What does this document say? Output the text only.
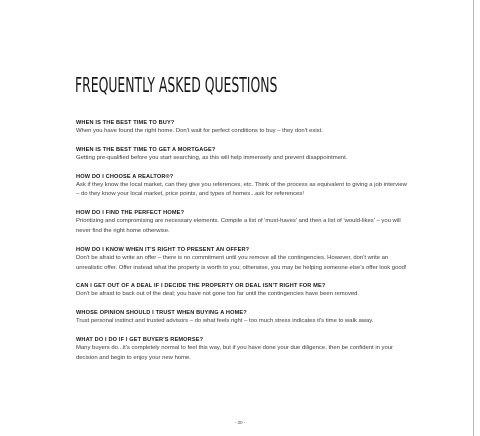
FREQUENTLY ASKED QUESTIONS

WHEN IS THE BEST TIME TO BUY?

When you have found the right home. Don't wait for perfect conditions to buy – they don't exist.

WHEN IS THE BEST TIME TO GET A MORTGAGE?

Getting pre-qualified before you start searching, as this will help immensely and prevent disappointment.

HOW DO I CHOOSE A REALTOR®?

Ask if they know the local market, can they give you references, etc. Think of the process as equivalent to giving a job interview – do they know your local market, price points, and types of homes...ask for references!

HOW DO I FIND THE PERFECT HOME?

Prioritizing and compromising are necessary elements. Compile a list of 'must-haves' and then a list of 'would-likes' – you will never find the right home otherwise.

HOW DO I KNOW WHEN IT'S RIGHT TO PRESENT AN OFFER?

Don't be afraid to write an offer – there is no commitment until you remove all the contingencies. However, don't write an unrealistic offer. Offer instead what the property is worth to you; otherwise, you may be helping someone else's offer look good!

CAN I GET OUT OF A DEAL IF I DECIDE THE PROPERTY OR DEAL ISN'T RIGHT FOR ME?

Don't be afraid to back out of the deal; you have not gone too far until the contingencies have been removed.

WHOSE OPINION SHOULD I TRUST WHEN BUYING A HOME?

Trust personal instinct and trusted advisors – do what feels right – too much stress indicates it's time to walk away.

WHAT DO I DO IF I GET BUYER'S REMORSE?

Many buyers do...it's completely normal to feel this way, but if you have done your due diligence, then be confident in your decision and begin to enjoy your new home.

- 30 -
